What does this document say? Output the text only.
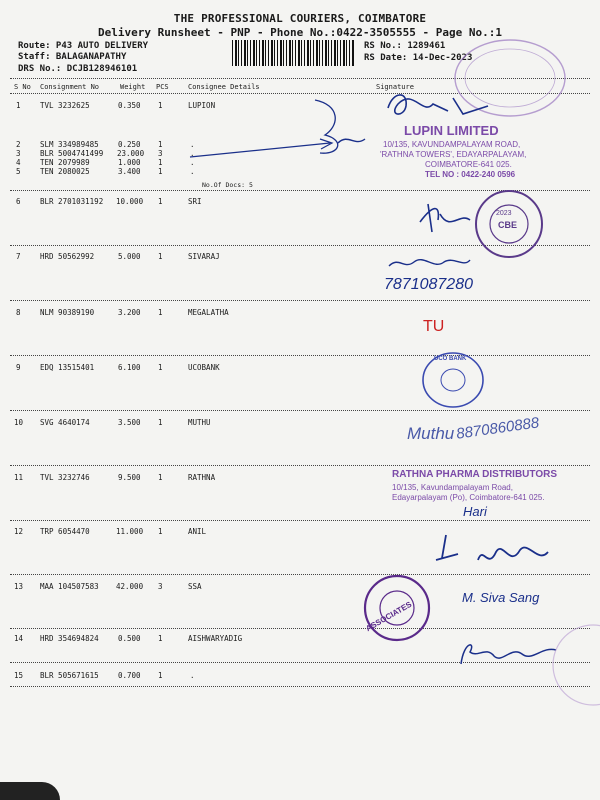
THE PROFESSIONAL COURIERS, COIMBATORE
Delivery Runsheet - PNP - Phone No.:0422-3505555 - Page No.:1
Route: P43 AUTO DELIVERY
Staff: BALAGANAPATHY
DRS No.: DCJB128946101
RS No.: 1289461
RS Date: 14-Dec-2023
S No Consignment No	Weight PCS	Consignee Details	Signature
1	TVL 3232625	0.350 1	LUPION
2	SLM 334989485	0.250 1	.
3	BLR 5004741499 23.000 3	.
4	TEN 2079989	1.000 1	.
5	TEN 2080025	3.400 1	.
No.Of Docs: 5
6	BLR 2701031192 10.000 1	SRI
7	HRD 50562992	5.000 1	SIVARAJ
8	NLM 90389190	3.200 1	MEGALATHA
9	EDQ 13515401	6.100 1	UCOBANK
10 SVG 4640174	3.500 1	MUTHU
11 TVL 3232746	9.500 1	RATHNA
12 TRP 6054470	11.000 1	ANIL
13 MAA 104507583 42.000 3	SSA
14 HRD 354694824	0.500 1	AISHWARYADIG
15 BLR 505671615	0.700 1	.
LUPIN LIMITED
10/135, KAVUNDAMPALAYAM ROAD,
'RATHNA TOWERS', EDAYARPALAYAM,
COIMBATORE-641 025.
TEL NO : 0422-240 0596
CBE
2023
7871087280
TU
UCO BANK
Muthu 8870860888
RATHNA PHARMA DISTRIBUTORS
10/135, Kavundampalayam Road,
Edayarpalayam (Po), Coimbatore-641 025.
Hari
ASSOCIATES
M. Siva Sang
